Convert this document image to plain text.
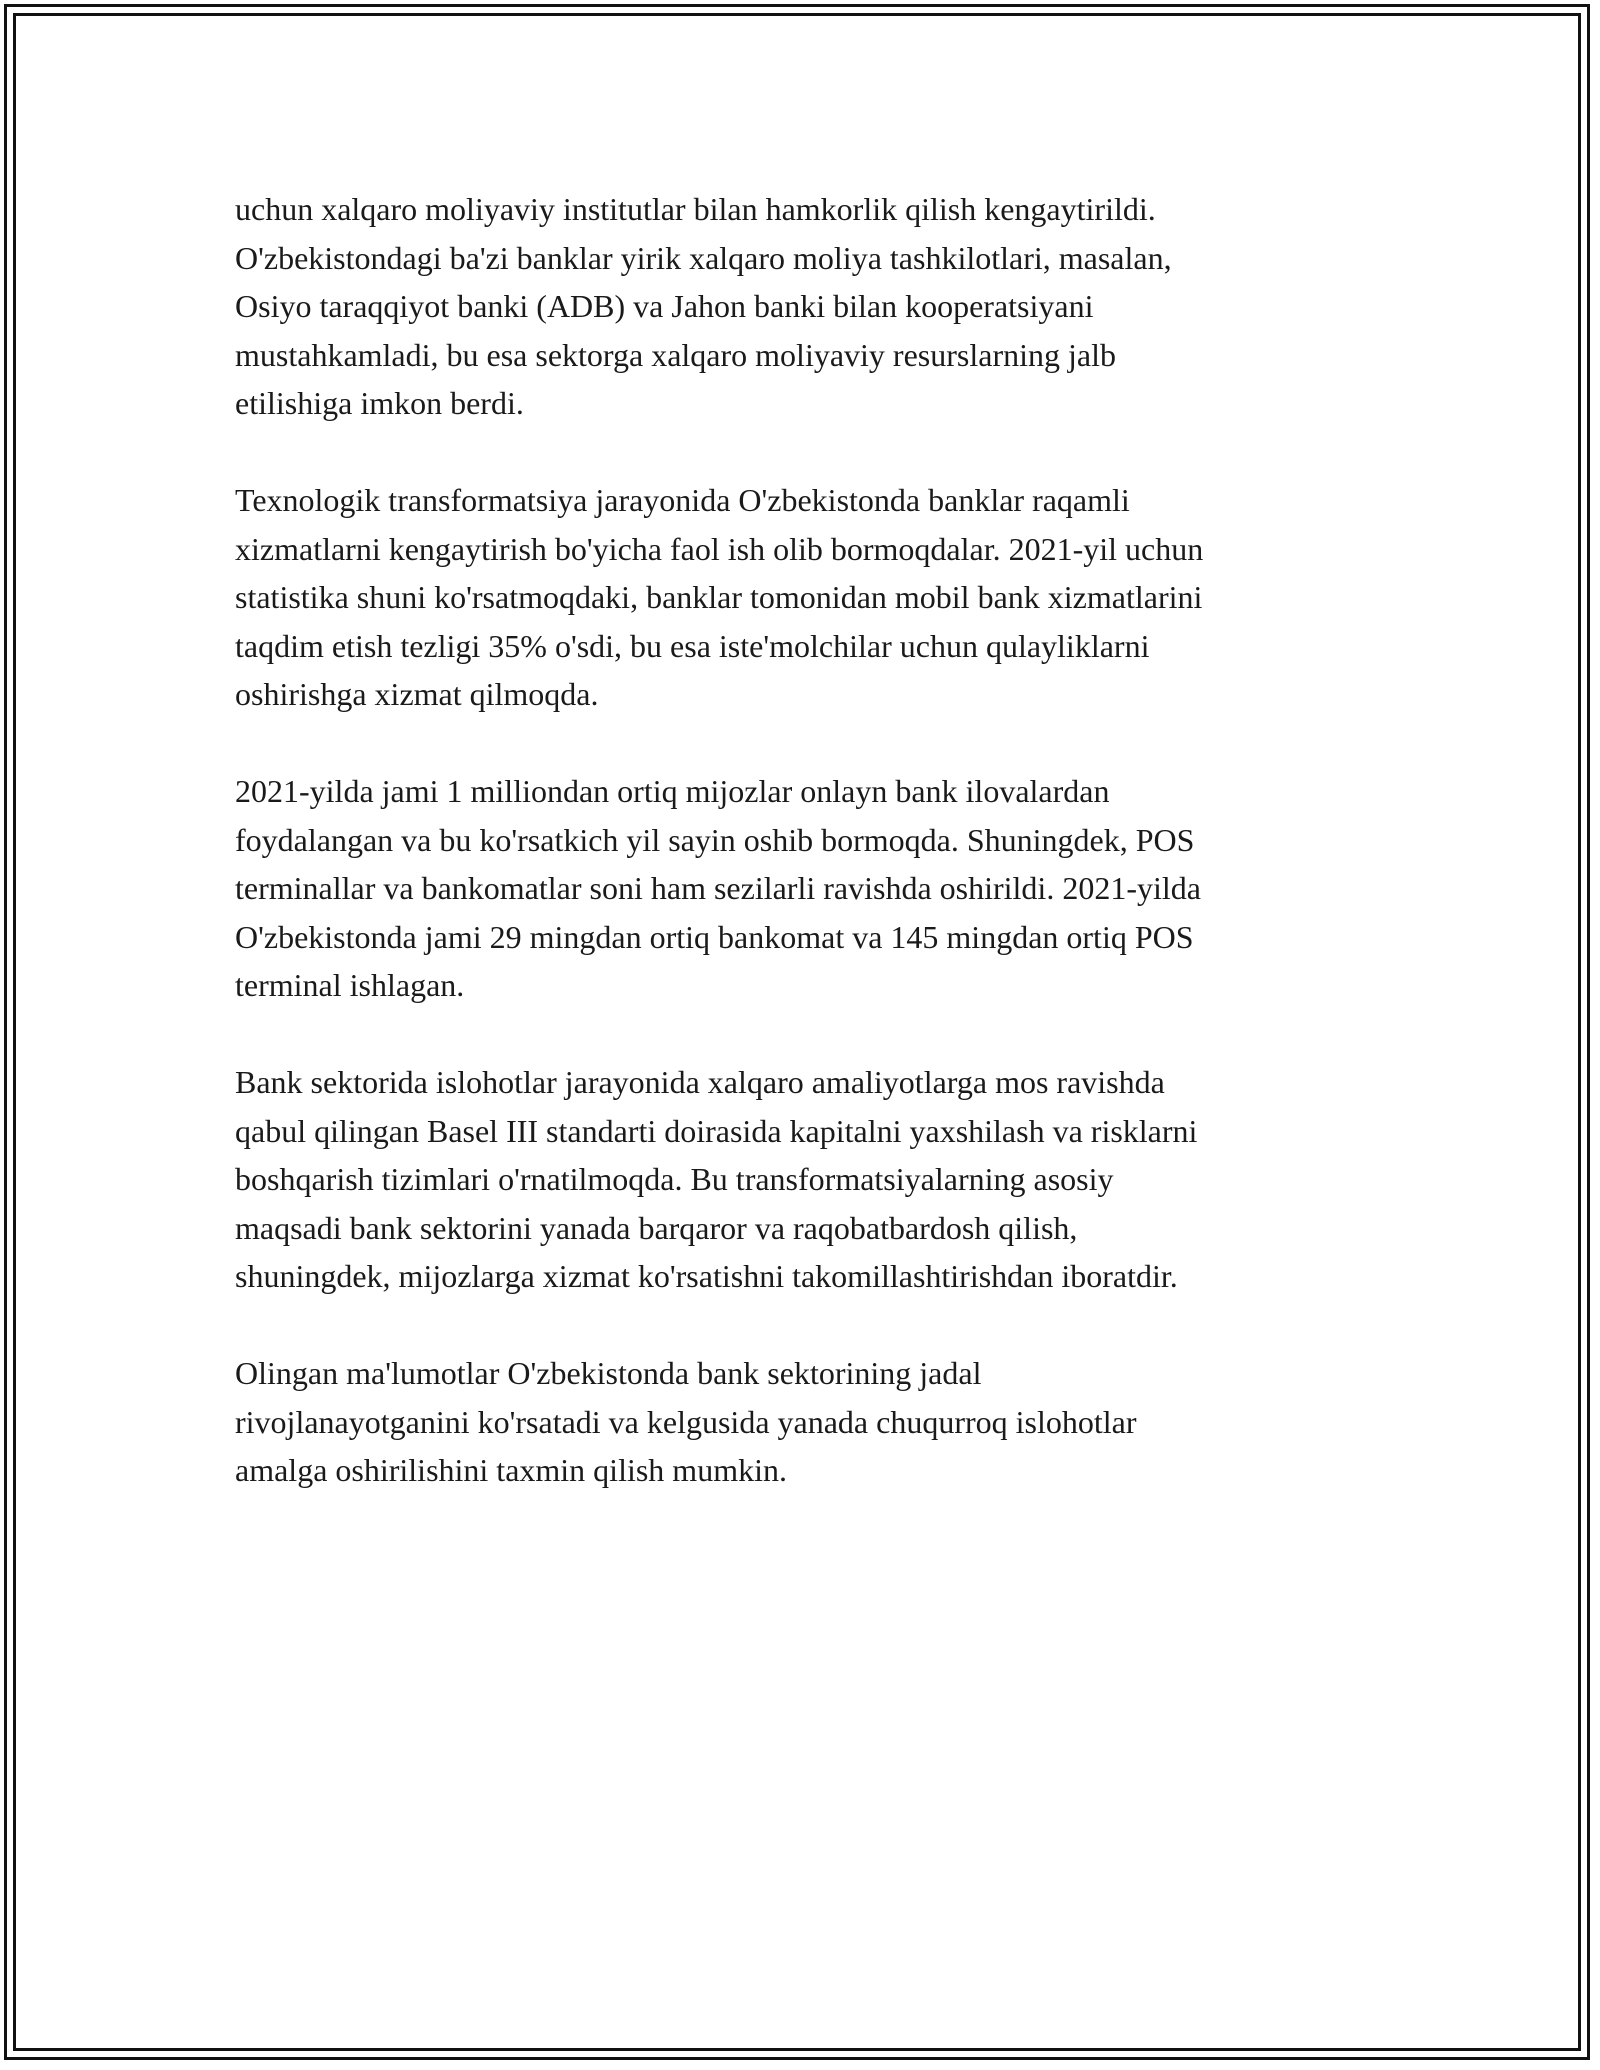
uchun xalqaro moliyaviy institutlar bilan hamkorlik qilish kengaytirildi.
O'zbekistondagi ba'zi banklar yirik xalqaro moliya tashkilotlari, masalan,
Osiyo taraqqiyot banki (ADB) va Jahon banki bilan kooperatsiyani
mustahkamladi, bu esa sektorga xalqaro moliyaviy resurslarning jalb
etilishiga imkon berdi.

Texnologik transformatsiya jarayonida O'zbekistonda banklar raqamli
xizmatlarni kengaytirish bo'yicha faol ish olib bormoqdalar. 2021-yil uchun
statistika shuni ko'rsatmoqdaki, banklar tomonidan mobil bank xizmatlarini
taqdim etish tezligi 35% o'sdi, bu esa iste'molchilar uchun qulayliklarni
oshirishga xizmat qilmoqda.

2021-yilda jami 1 milliondan ortiq mijozlar onlayn bank ilovalardan
foydalangan va bu ko'rsatkich yil sayin oshib bormoqda. Shuningdek, POS
terminallar va bankomatlar soni ham sezilarli ravishda oshirildi. 2021-yilda
O'zbekistonda jami 29 mingdan ortiq bankomat va 145 mingdan ortiq POS
terminal ishlagan.

Bank sektorida islohotlar jarayonida xalqaro amaliyotlarga mos ravishda
qabul qilingan Basel III standarti doirasida kapitalni yaxshilash va risklarni
boshqarish tizimlari o'rnatilmoqda. Bu transformatsiyalarning asosiy
maqsadi bank sektorini yanada barqaror va raqobatbardosh qilish,
shuningdek, mijozlarga xizmat ko'rsatishni takomillashtirishdan iboratdir.

Olingan ma'lumotlar O'zbekistonda bank sektorining jadal
rivojlanayotganini ko'rsatadi va kelgusida yanada chuqurroq islohotlar
amalga oshirilishini taxmin qilish mumkin.
